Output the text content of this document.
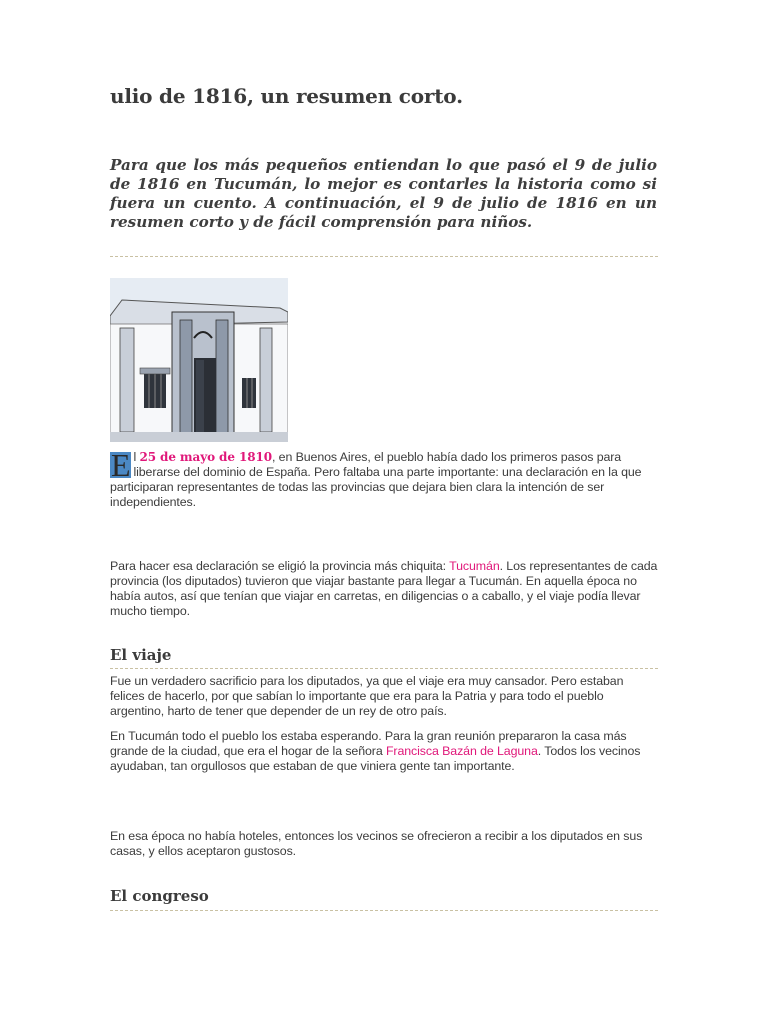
ulio de 1816, un resumen corto.

Para que los más pequeños entiendan lo que pasó el 9 de julio de 1816 en Tucumán, lo mejor es contarles la historia como si fuera un cuento. A continuación, el 9 de julio de 1816 en un resumen corto y de fácil comprensión para niños.

E l 25 de mayo de 1810, en Buenos Aires, el pueblo había dado los primeros pasos para liberarse del dominio de España. Pero faltaba una parte importante: una declaración en la que participaran representantes de todas las provincias que dejara bien clara la intención de ser independientes.

Para hacer esa declaración se eligió la provincia más chiquita: Tucumán. Los representantes de cada provincia (los diputados) tuvieron que viajar bastante para llegar a Tucumán. En aquella época no había autos, así que tenían que viajar en carretas, en diligencias o a caballo, y el viaje podía llevar mucho tiempo.

El viaje

Fue un verdadero sacrificio para los diputados, ya que el viaje era muy cansador. Pero estaban felices de hacerlo, por que sabían lo importante que era para la Patria y para todo el pueblo argentino, harto de tener que depender de un rey de otro país.

En Tucumán todo el pueblo los estaba esperando. Para la gran reunión prepararon la casa más grande de la ciudad, que era el hogar de la señora Francisca Bazán de Laguna. Todos los vecinos ayudaban, tan orgullosos que estaban de que viniera gente tan importante.

En esa época no había hoteles, entonces los vecinos se ofrecieron a recibir a los diputados en sus casas, y ellos aceptaron gustosos.

El congreso
